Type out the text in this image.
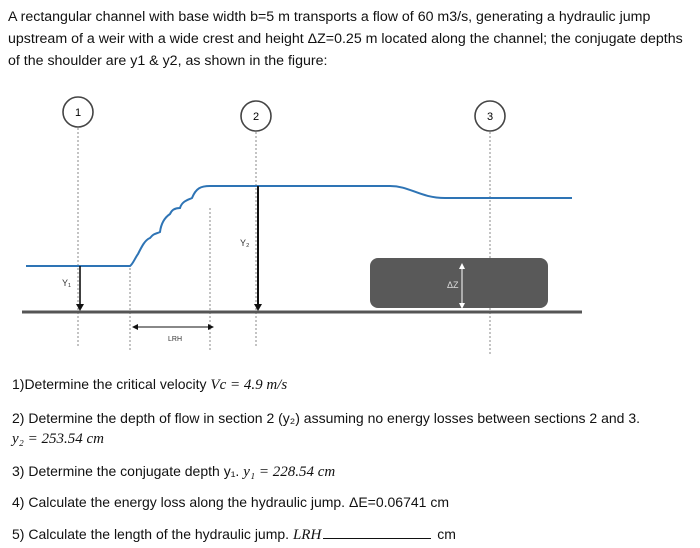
A rectangular channel with base width b=5 m transports a flow of 60 m3/s, generating a hydraulic jump upstream of a weir with a wide crest and height ΔZ=0.25 m located along the channel; the conjugate depths of the shoulder are y1 & y2, as shown in the figure:
1	2	3
Y₁
Y₂
ΔZ
LRH
1)Determine the critical velocity Vc = 4.9 m/s
2) Determine the depth of flow in section 2 (y₂) assuming no energy losses between sections 2 and 3.
y₂ = 253.54 cm
3) Determine the conjugate depth y₁. y₁ = 228.54 cm
4) Calculate the energy loss along the hydraulic jump. ΔE=0.06741 cm
5) Calculate the length of the hydraulic jump. LRH	cm
